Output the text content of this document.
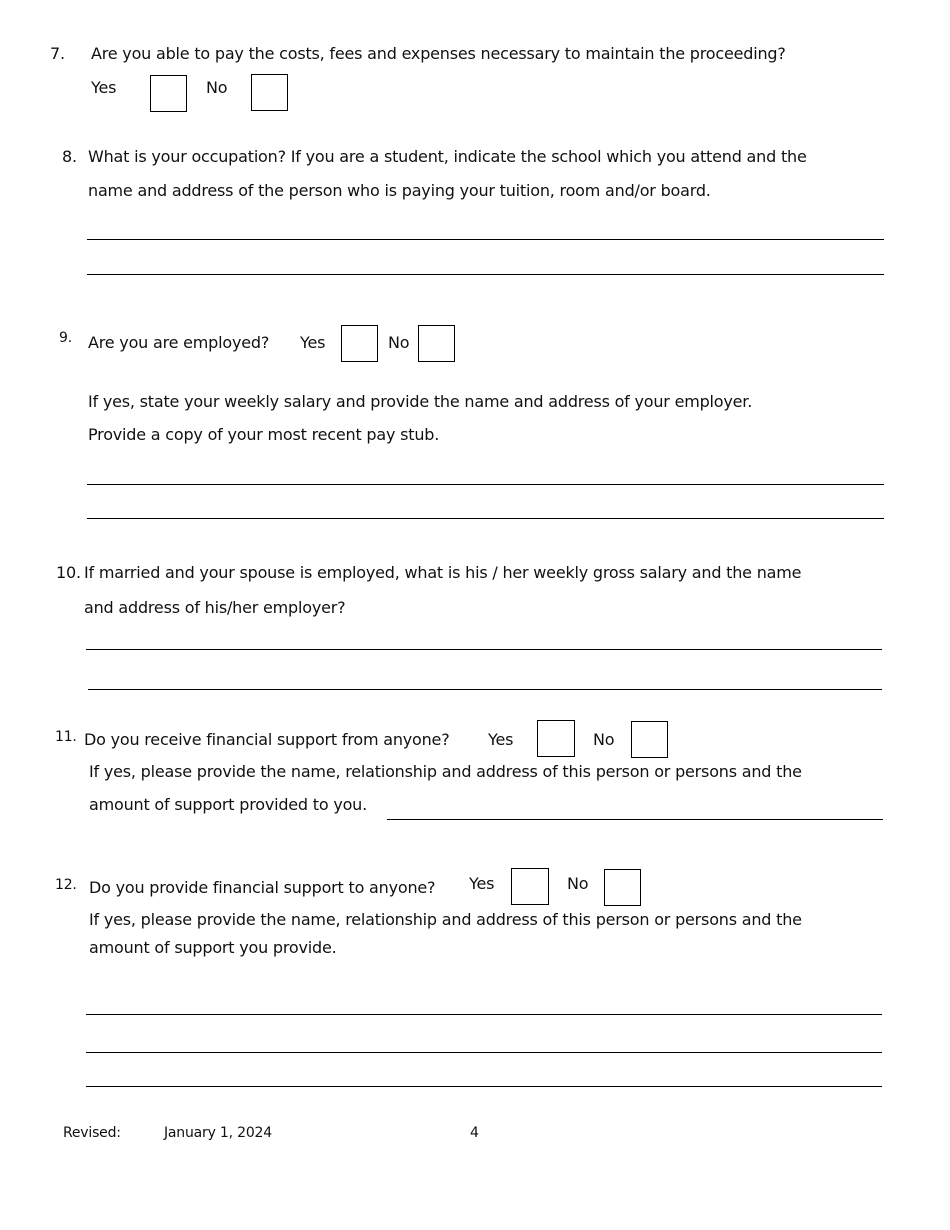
7. Are you able to pay the costs, fees and expenses necessary to maintain the proceeding?
Yes	No
8. What is your occupation? If you are a student, indicate the school which you attend and the
name and address of the person who is paying your tuition, room and/or board.
9. Are you are employed? Yes	No
If yes, state your weekly salary and provide the name and address of your employer.
Provide a copy of your most recent pay stub.
10. If married and your spouse is employed, what is his / her weekly gross salary and the name
and address of his/her employer?
11. Do you receive financial support from anyone? Yes	No
If yes, please provide the name, relationship and address of this person or persons and the
amount of support provided to you.
12. Do you provide financial support to anyone? Yes	No
If yes, please provide the name, relationship and address of this person or persons and the
amount of support you provide.
Revised:	January 1, 2024	4
